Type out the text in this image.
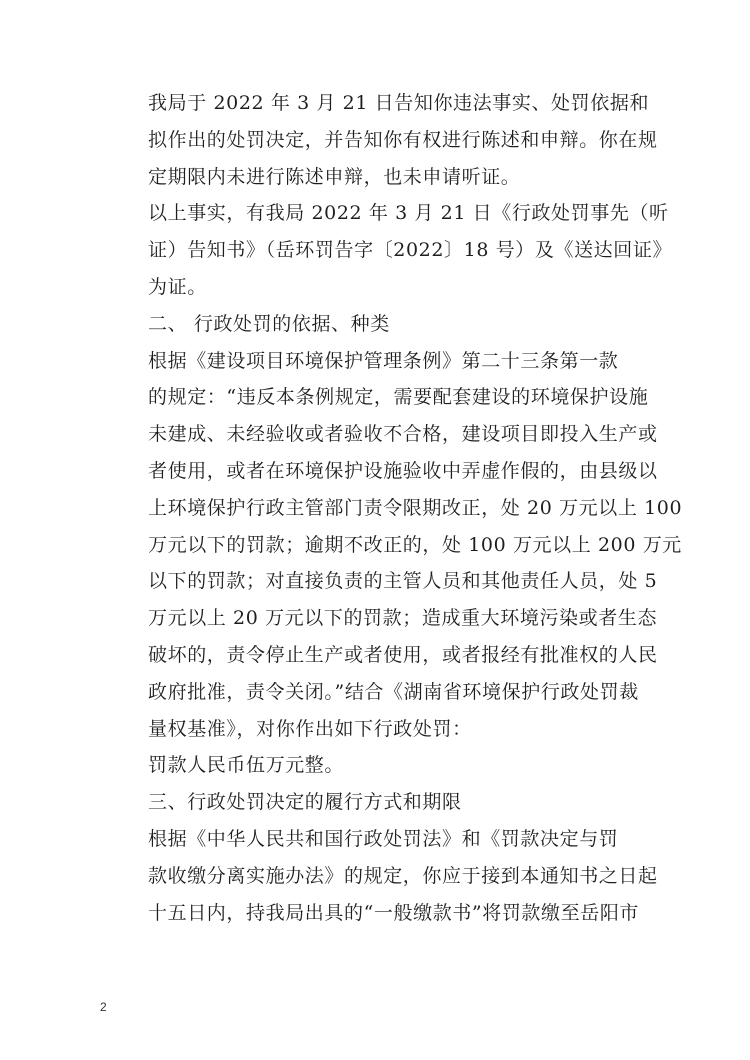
我局于 2022 年 3 月 21 日告知你违法事实、处罚依据和
拟作出的处罚决定，并告知你有权进行陈述和申辩。你在规
定期限内未进行陈述申辩，也未申请听证。

以上事实，有我局 2022 年 3 月 21 日《行政处罚事先（听
证）告知书》（岳环罚告字〔2022〕18 号）及《送达回证》
为证。

二、 行政处罚的依据、种类

根据《建设项目环境保护管理条例》第二十三条第一款
的规定：“违反本条例规定，需要配套建设的环境保护设施
未建成、未经验收或者验收不合格，建设项目即投入生产或
者使用，或者在环境保护设施验收中弄虚作假的，由县级以
上环境保护行政主管部门责令限期改正，处 20 万元以上 100
万元以下的罚款；逾期不改正的，处 100 万元以上 200 万元
以下的罚款；对直接负责的主管人员和其他责任人员，处 5
万元以上 20 万元以下的罚款；造成重大环境污染或者生态
破坏的，责令停止生产或者使用，或者报经有批准权的人民
政府批准，责令关闭。”结合《湖南省环境保护行政处罚裁
量权基准》，对你作出如下行政处罚：

罚款人民币伍万元整。

三、行政处罚决定的履行方式和期限

根据《中华人民共和国行政处罚法》和《罚款决定与罚
款收缴分离实施办法》的规定，你应于接到本通知书之日起
十五日内，持我局出具的“一般缴款书”将罚款缴至岳阳市

2
